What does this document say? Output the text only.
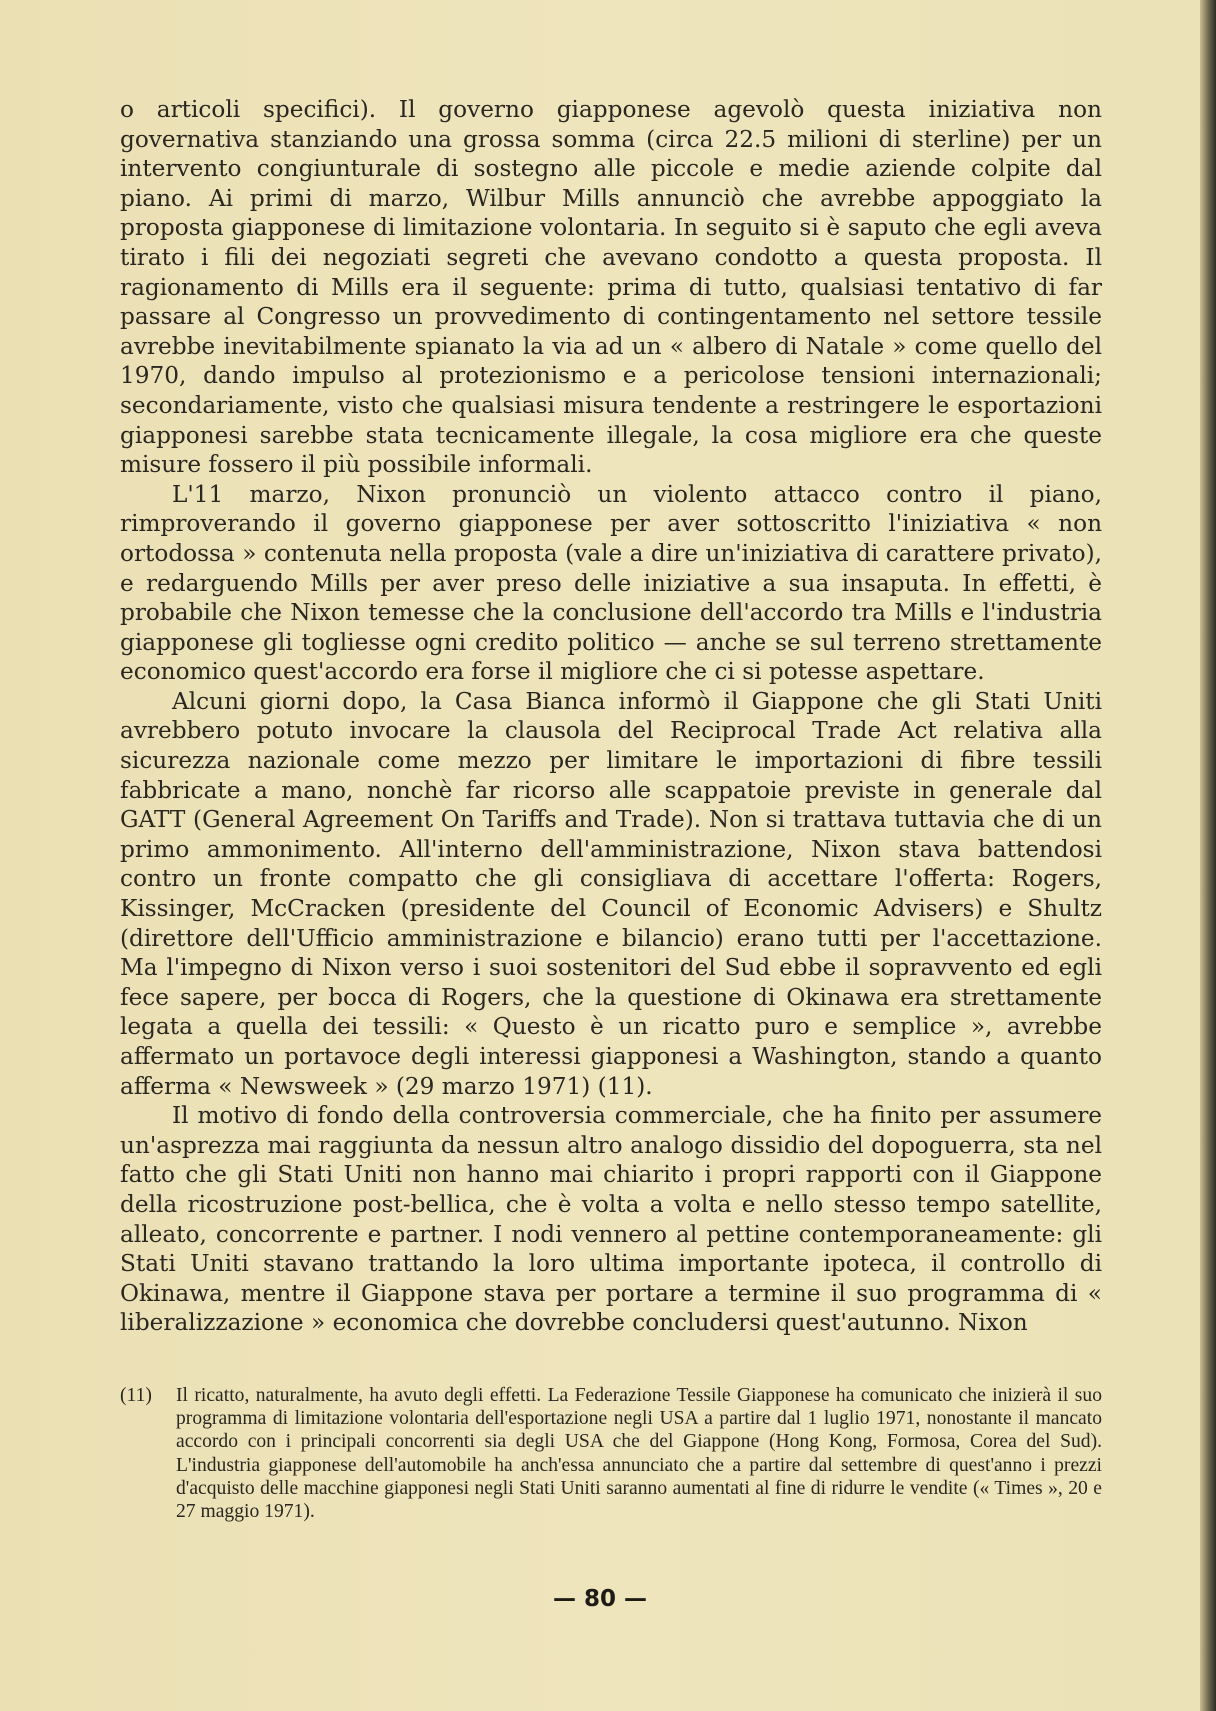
o articoli specifici). Il governo giapponese agevolò questa iniziativa non governativa stanziando una grossa somma (circa 22.5 milioni di sterline) per un intervento congiunturale di sostegno alle piccole e medie aziende colpite dal piano. Ai primi di marzo, Wilbur Mills annunciò che avrebbe appoggiato la proposta giapponese di limitazione volontaria. In seguito si è saputo che egli aveva tirato i fili dei negoziati segreti che avevano condotto a questa proposta. Il ragionamento di Mills era il seguente: prima di tutto, qualsiasi tentativo di far passare al Congresso un provvedimento di contingentamento nel settore tessile avrebbe inevitabilmente spianato la via ad un « albero di Natale » come quello del 1970, dando impulso al protezionismo e a pericolose tensioni internazionali; secondariamente, visto che qualsiasi misura tendente a restringere le esportazioni giapponesi sarebbe stata tecnicamente illegale, la cosa migliore era che queste misure fossero il più possibile informali.

L'11 marzo, Nixon pronunciò un violento attacco contro il piano, rimproverando il governo giapponese per aver sottoscritto l'iniziativa « non ortodossa » contenuta nella proposta (vale a dire un'iniziativa di carattere privato), e redarguendo Mills per aver preso delle iniziative a sua insaputa. In effetti, è probabile che Nixon temesse che la conclusione dell'accordo tra Mills e l'industria giapponese gli togliesse ogni credito politico — anche se sul terreno strettamente economico quest'accordo era forse il migliore che ci si potesse aspettare.

Alcuni giorni dopo, la Casa Bianca informò il Giappone che gli Stati Uniti avrebbero potuto invocare la clausola del Reciprocal Trade Act relativa alla sicurezza nazionale come mezzo per limitare le importazioni di fibre tessili fabbricate a mano, nonchè far ricorso alle scappatoie previste in generale dal GATT (General Agreement On Tariffs and Trade). Non si trattava tuttavia che di un primo ammonimento. All'interno dell'amministrazione, Nixon stava battendosi contro un fronte compatto che gli consigliava di accettare l'offerta: Rogers, Kissinger, McCracken (presidente del Council of Economic Advisers) e Shultz (direttore dell'Ufficio amministrazione e bilancio) erano tutti per l'accettazione. Ma l'impegno di Nixon verso i suoi sostenitori del Sud ebbe il sopravvento ed egli fece sapere, per bocca di Rogers, che la questione di Okinawa era strettamente legata a quella dei tessili: « Questo è un ricatto puro e semplice », avrebbe affermato un portavoce degli interessi giapponesi a Washington, stando a quanto afferma « Newsweek » (29 marzo 1971) (11).

Il motivo di fondo della controversia commerciale, che ha finito per assumere un'asprezza mai raggiunta da nessun altro analogo dissidio del dopoguerra, sta nel fatto che gli Stati Uniti non hanno mai chiarito i propri rapporti con il Giappone della ricostruzione post-bellica, che è volta a volta e nello stesso tempo satellite, alleato, concorrente e partner. I nodi vennero al pettine contemporaneamente: gli Stati Uniti stavano trattando la loro ultima importante ipoteca, il controllo di Okinawa, mentre il Giappone stava per portare a termine il suo programma di « liberalizzazione » economica che dovrebbe concludersi quest'autunno. Nixon

(11)	Il ricatto, naturalmente, ha avuto degli effetti. La Federazione Tessile Giapponese ha comunicato che inizierà il suo programma di limitazione volontaria dell'esportazione negli USA a partire dal 1 luglio 1971, nonostante il mancato accordo con i principali concorrenti sia degli USA che del Giappone (Hong Kong, Formosa, Corea del Sud). L'industria giapponese dell'automobile ha anch'essa annunciato che a partire dal settembre di quest'anno i prezzi d'acquisto delle macchine giapponesi negli Stati Uniti saranno aumentati al fine di ridurre le vendite (« Times », 20 e 27 maggio 1971).
— 80 —
